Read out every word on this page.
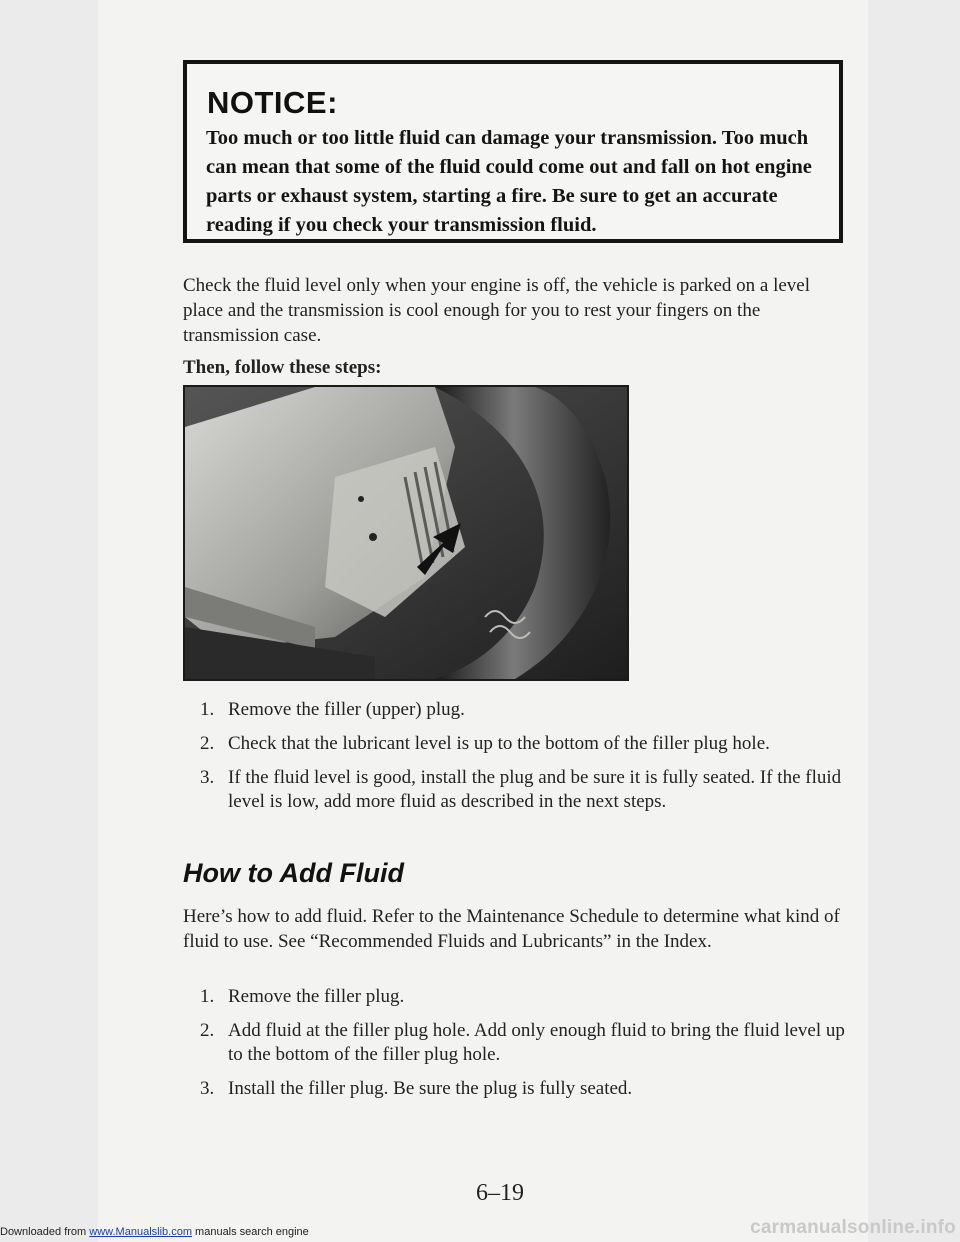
NOTICE:

Too much or too little fluid can damage your transmission. Too much can mean that some of the fluid could come out and fall on hot engine parts or exhaust system, starting a fire. Be sure to get an accurate reading if you check your transmission fluid.

Check the fluid level only when your engine is off, the vehicle is parked on a level place and the transmission is cool enough for you to rest your fingers on the transmission case.

Then, follow these steps:

1. Remove the filler (upper) plug.
2. Check that the lubricant level is up to the bottom of the filler plug hole.
3. If the fluid level is good, install the plug and be sure it is fully seated. If the fluid level is low, add more fluid as described in the next steps.
How to Add Fluid

Here’s how to add fluid. Refer to the Maintenance Schedule to determine what kind of fluid to use. See “Recommended Fluids and Lubricants” in the Index.

1. Remove the filler plug.
2. Add fluid at the filler plug hole. Add only enough fluid to bring the fluid level up to the bottom of the filler plug hole.
3. Install the filler plug. Be sure the plug is fully seated.

6–19

Downloaded from www.Manualslib.com manuals search engine	carmanualsonline.info
